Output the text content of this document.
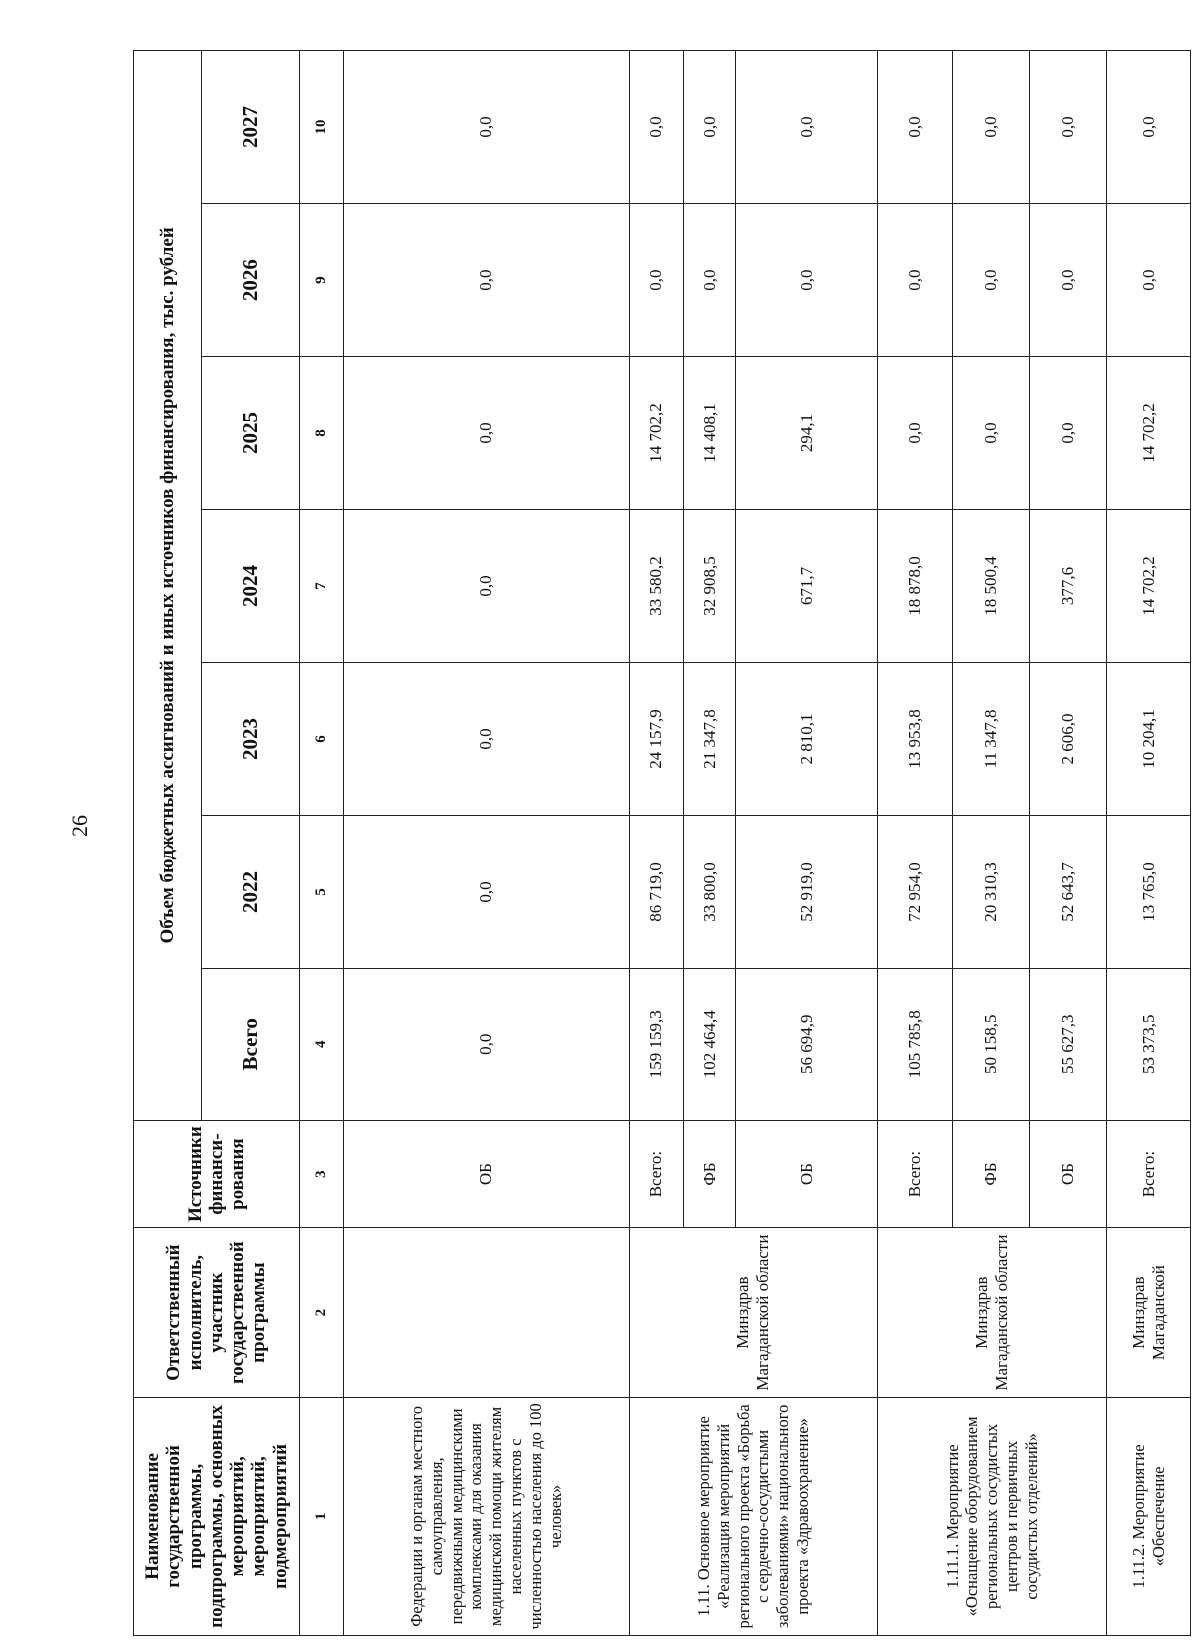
26
Наименование государственной программы, подпрограммы, основных мероприятий, мероприятий, подмероприятий	Ответственный исполнитель, участник государственной программы	Источники финанси-рования	Объем бюджетных ассигнований и иных источников финансирования, тыс. рублей						
			Всего	2022	2023	2024	2025	2026	2027
1	2	3	4	5	6	7	8	9	10
Федерации и органам местного самоуправления, передвижными медицинскими комплексами для оказания медицинской помощи жителям населенных пунктов с численностью населения до 100 человек»		ОБ	0,0	0,0	0,0	0,0	0,0	0,0	0,0
1.11. Основное мероприятие «Реализация мероприятий регионального проекта «Борьба с сердечно-сосудистыми заболеваниями» национального проекта «Здравоохранение»	Минздрав Магаданской области	Всего:	159 159,3	86 719,0	24 157,9	33 580,2	14 702,2	0,0	0,0
		ФБ	102 464,4	33 800,0	21 347,8	32 908,5	14 408,1	0,0	0,0
		ОБ	56 694,9	52 919,0	2 810,1	671,7	294,1	0,0	0,0
1.11.1. Мероприятие «Оснащение оборудованием региональных сосудистых центров и первичных сосудистых отделений»	Минздрав Магаданской области	Всего:	105 785,8	72 954,0	13 953,8	18 878,0	0,0	0,0	0,0
		ФБ	50 158,5	20 310,3	11 347,8	18 500,4	0,0	0,0	0,0
		ОБ	55 627,3	52 643,7	2 606,0	377,6	0,0	0,0	0,0
1.11.2. Мероприятие «Обеспечение	Минздрав Магаданской	Всего:	53 373,5	13 765,0	10 204,1	14 702,2	14 702,2	0,0	0,0
